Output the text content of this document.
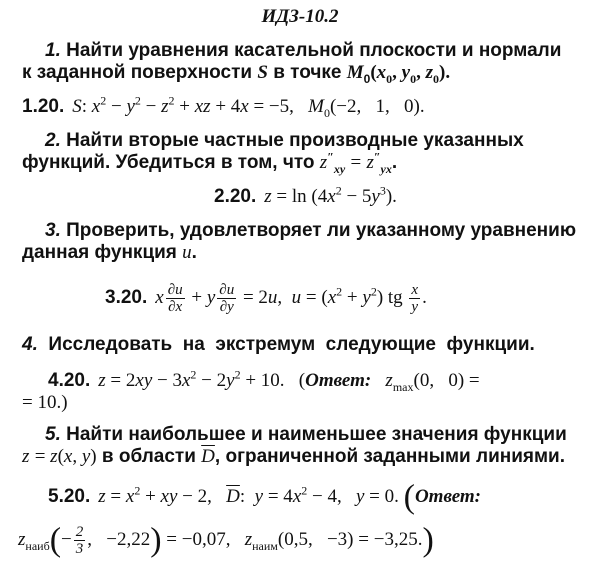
ИДЗ-10.2
1. Найти уравнения касательной плоскости и нормали
к заданной поверхности S в точке $M_0(x_0$, $y_0$, $z_0$).
1.20. S: $x^2 - y^2 - z^2$ + xz + 4x = −5,   $M_0(-2$,   1,   0).
2. Найти вторые частные производные указанных
функций. Убедиться в том, что $z''_{xy} = z''_{yx}$.
2.20. $z = \ln (4x^2 - 5y^3)$.
3. Проверить, удовлетворяет ли указанному уравнению
данная функция u.
3.20. x $\frac{\partial u}{\partial x} + y \frac{\partial u}{\partial y} = 2u$,  $u = (x^2 + y^2)$ tg $\frac{x}{y}$ .
4.  Исследовать  на  экстремум  следующие  функции.
4.20. $z = 2xy - 3x^2 - 2y^2 + 10$.   (Ответ: $z_{max}(0$,   0) =
= 10.)
5. Найти наибольшее и наименьшее значения функции
z = z(x, y) в области $\overline{D}$, ограниченной заданными линиями.
5.20. $z = x^2$ + xy − 2,   $\overline{D}$:  $y = 4x^2 - 4$,   y = 0. (Ответ:
$z_{наиб}(- \frac{2}{3}$ ,   −2,22) = −0,07,   $z_{наим}(0,5$,   −3) = −3,25.)
